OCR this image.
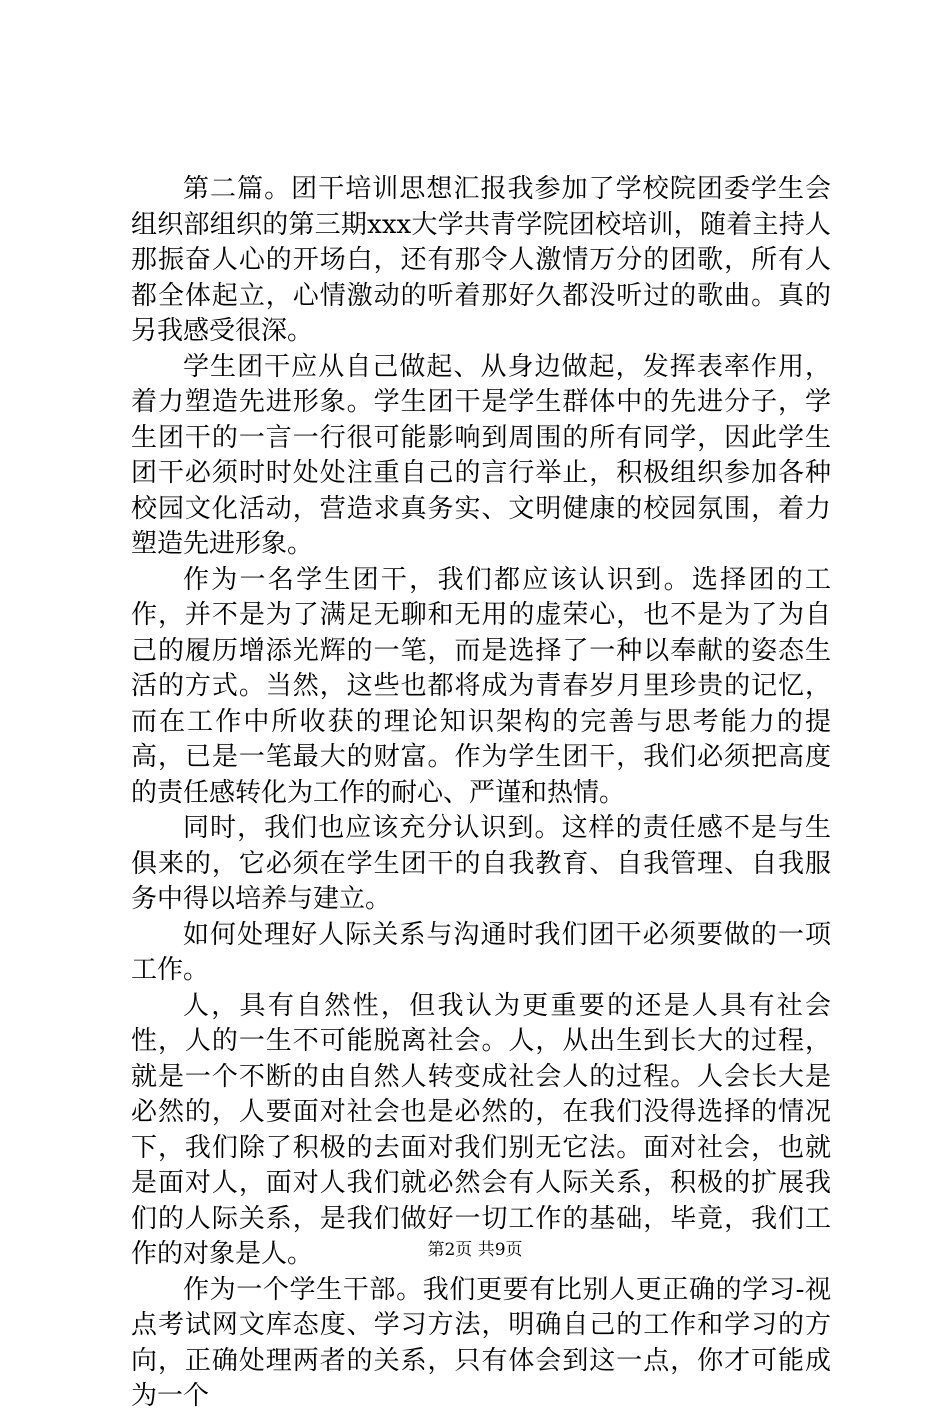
第二篇。团干培训思想汇报我参加了学校院团委学生会组织部组织的第三期xxx大学共青学院团校培训，随着主持人那振奋人心的开场白，还有那令人激情万分的团歌，所有人都全体起立，心情激动的听着那好久都没听过的歌曲。真的另我感受很深。

学生团干应从自己做起、从身边做起，发挥表率作用，着力塑造先进形象。学生团干是学生群体中的先进分子，学生团干的一言一行很可能影响到周围的所有同学，因此学生团干必须时时处处注重自己的言行举止，积极组织参加各种校园文化活动，营造求真务实、文明健康的校园氛围，着力塑造先进形象。

作为一名学生团干，我们都应该认识到。选择团的工作，并不是为了满足无聊和无用的虚荣心，也不是为了为自己的履历增添光辉的一笔，而是选择了一种以奉献的姿态生活的方式。当然，这些也都将成为青春岁月里珍贵的记忆，而在工作中所收获的理论知识架构的完善与思考能力的提高，已是一笔最大的财富。作为学生团干，我们必须把高度的责任感转化为工作的耐心、严谨和热情。

同时，我们也应该充分认识到。这样的责任感不是与生俱来的，它必须在学生团干的自我教育、自我管理、自我服务中得以培养与建立。

如何处理好人际关系与沟通时我们团干必须要做的一项工作。

人，具有自然性，但我认为更重要的还是人具有社会性，人的一生不可能脱离社会。人，从出生到长大的过程，就是一个不断的由自然人转变成社会人的过程。人会长大是必然的，人要面对社会也是必然的，在我们没得选择的情况下，我们除了积极的去面对我们别无它法。面对社会，也就是面对人，面对人我们就必然会有人际关系，积极的扩展我们的人际关系，是我们做好一切工作的基础，毕竟，我们工作的对象是人。

作为一个学生干部。我们更要有比别人更正确的学习-视点考试网文库态度、学习方法，明确自己的工作和学习的方向，正确处理两者的关系，只有体会到这一点，你才可能成为一个

第2页 共9页
